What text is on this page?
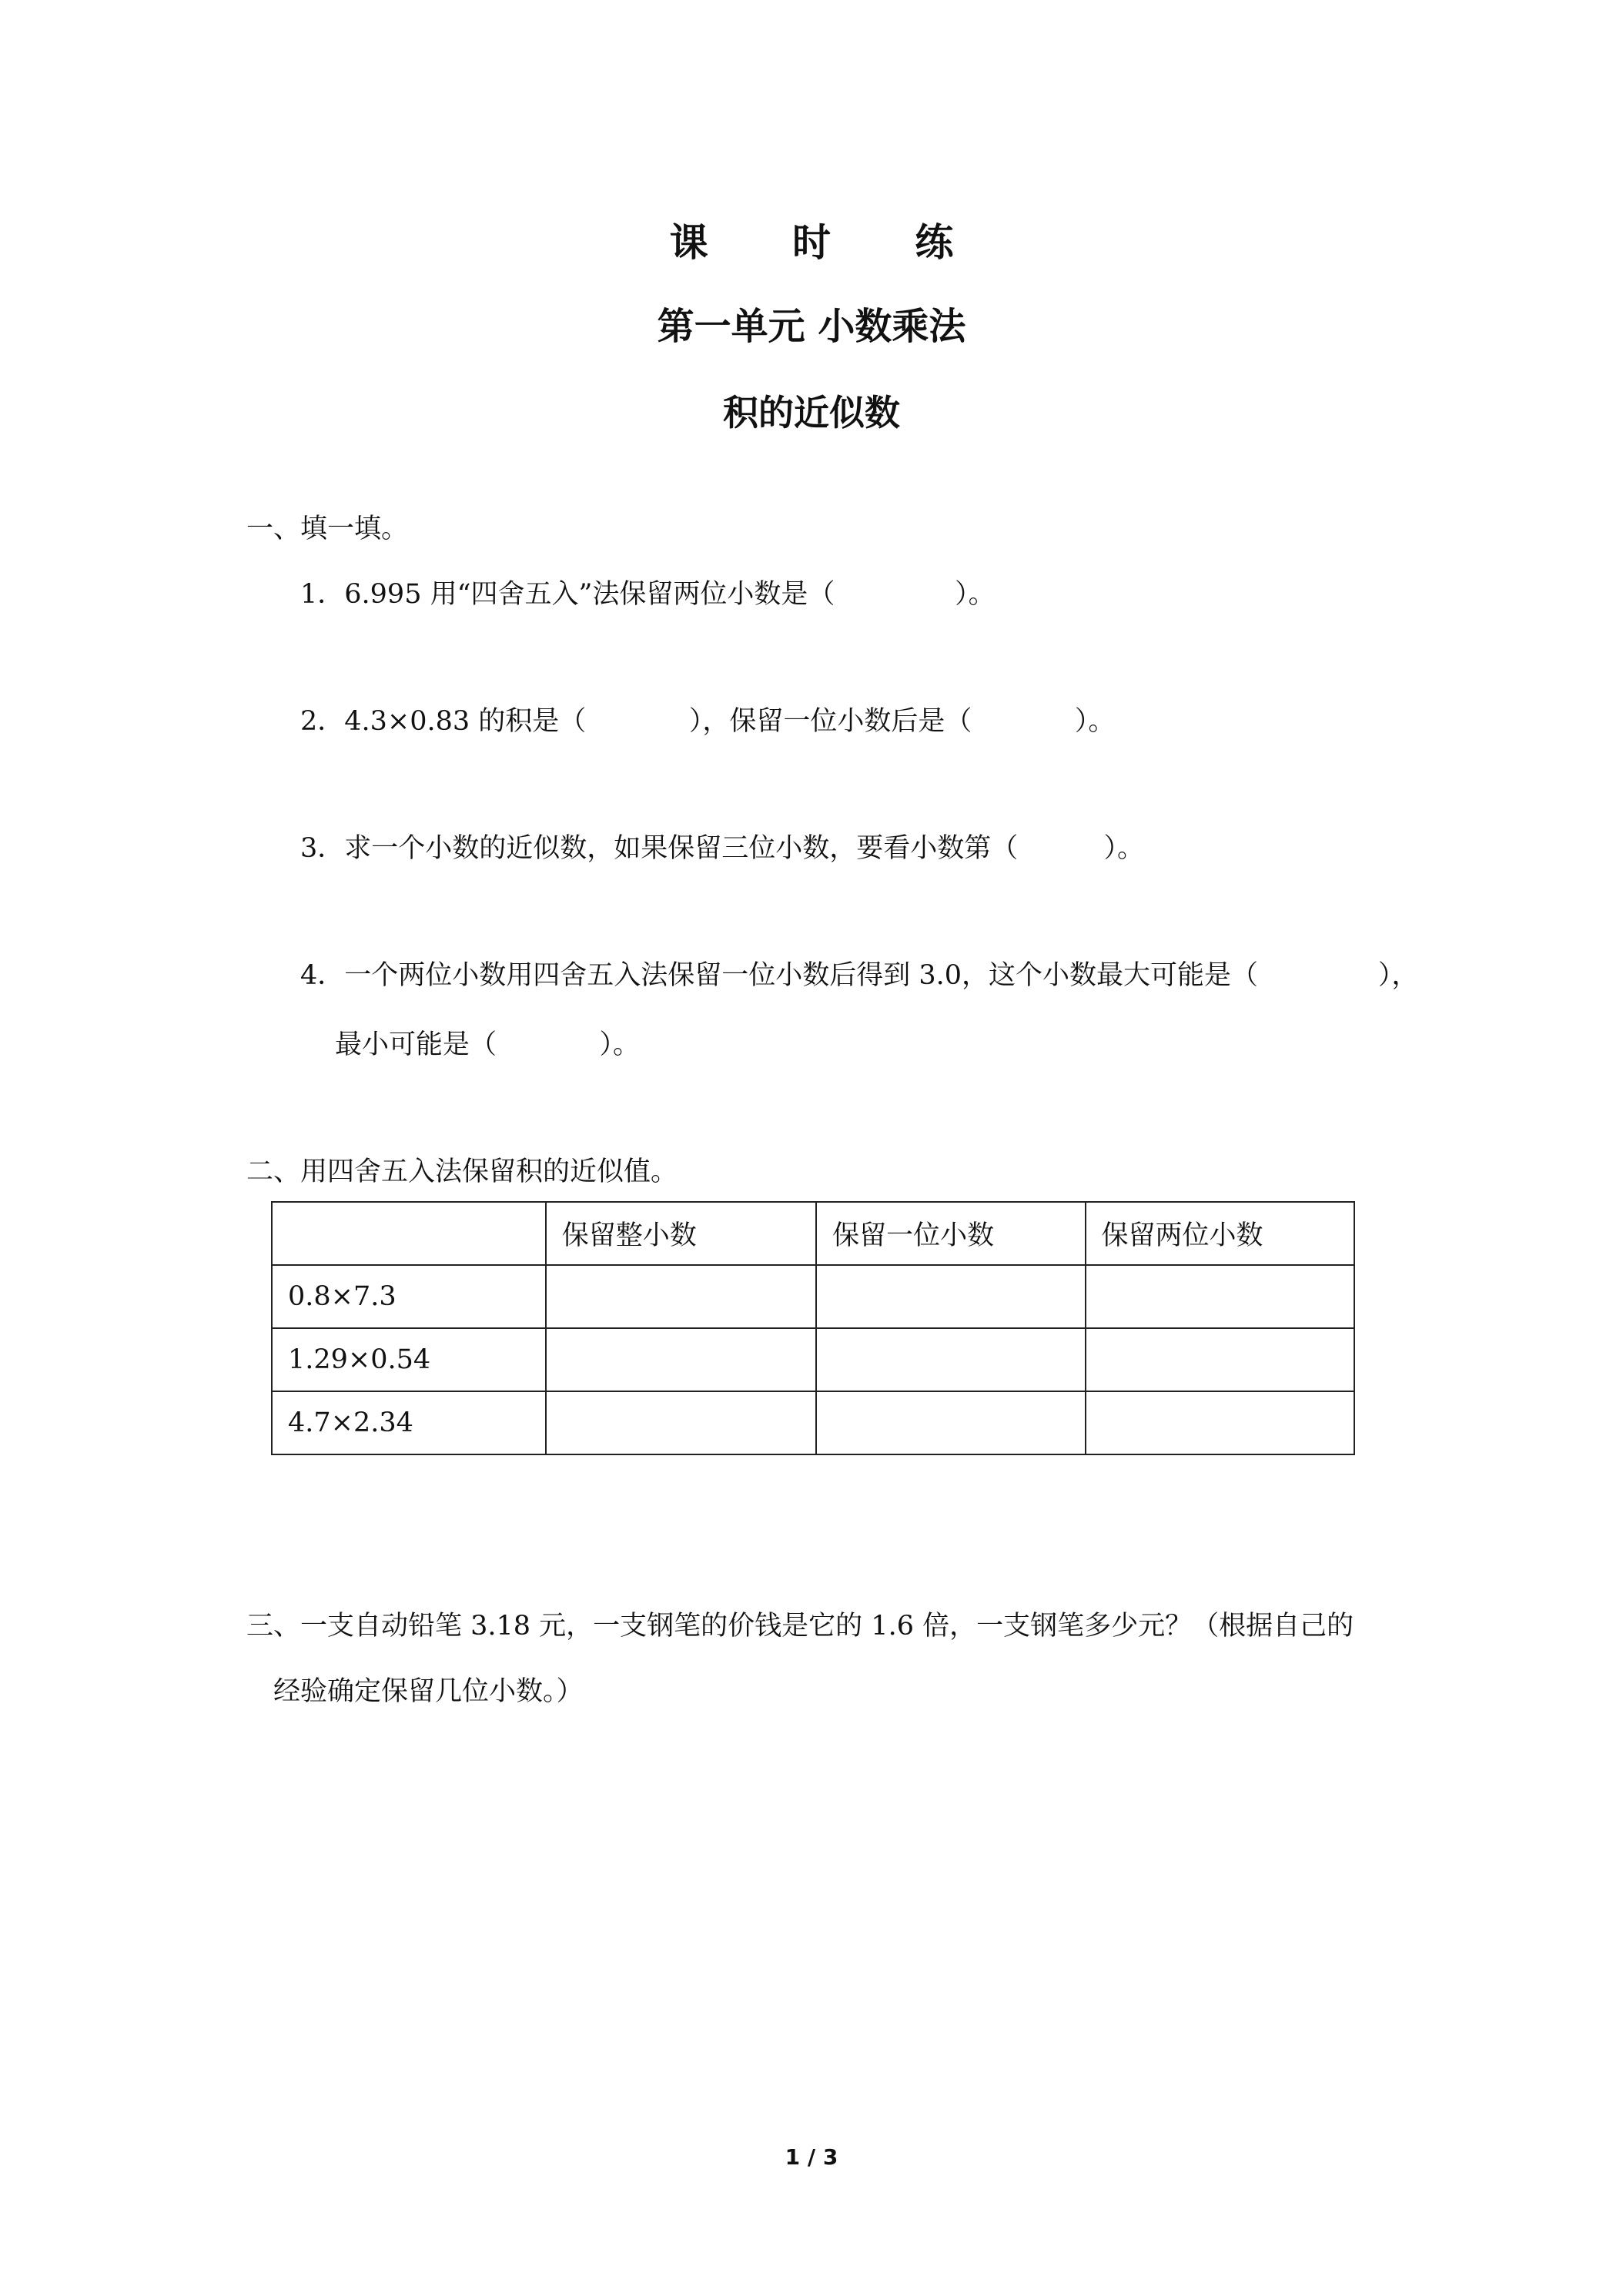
课 时 练
第一单元 小数乘法
积的近似数

一、填一填。

1．6.995 用“四舍五入”法保留两位小数是（              ）。

2．4.3×0.83 的积是（            ），保留一位小数后是（            ）。

3．求一个小数的近似数，如果保留三位小数，要看小数第（          ）。

4．一个两位小数用四舍五入法保留一位小数后得到 3.0，这个小数最大可能是（              ），

最小可能是（            ）。

二、用四舍五入法保留积的近似值。

	保留整小数	保留一位小数	保留两位小数
0.8×7.3			
1.29×0.54			
4.7×2.34			

三、一支自动铅笔 3.18 元，一支钢笔的价钱是它的 1.6 倍，一支钢笔多少元？（根据自己的

经验确定保留几位小数。）

1 / 3
